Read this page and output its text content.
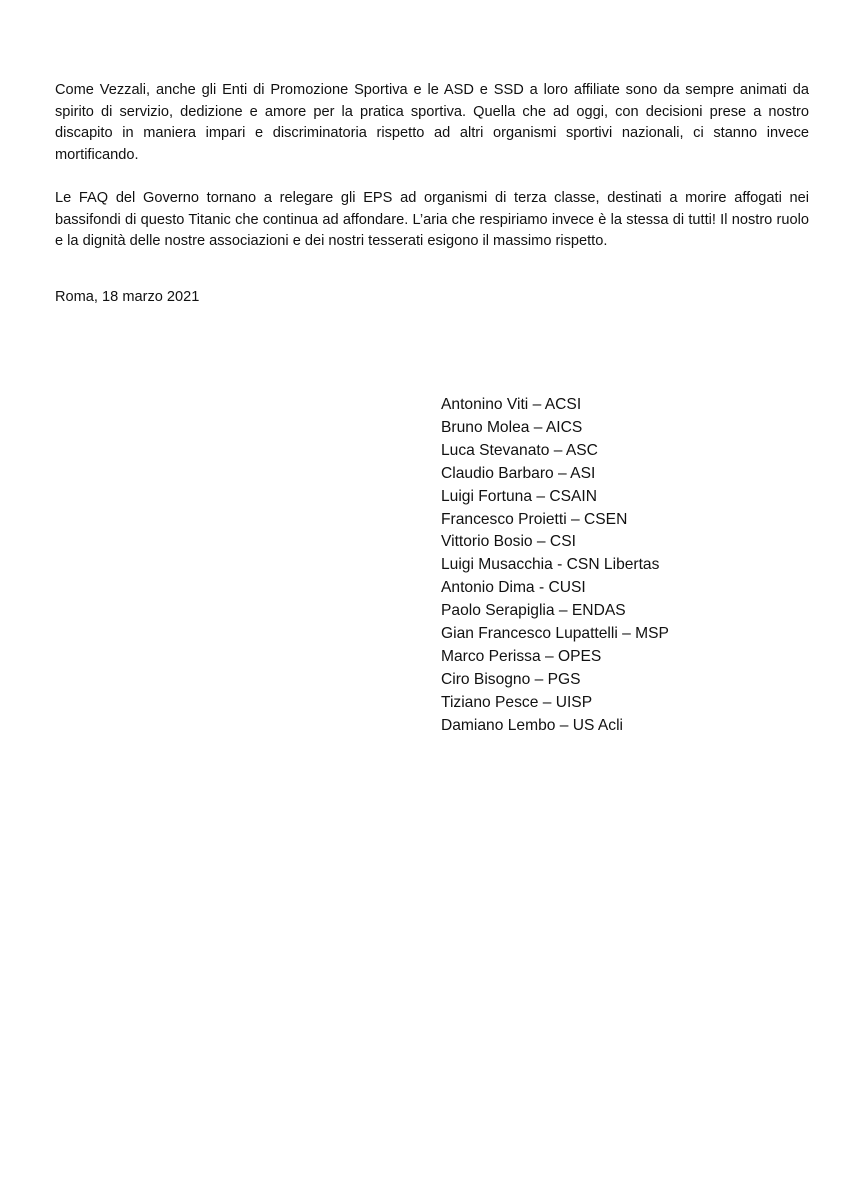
Come Vezzali, anche gli Enti di Promozione Sportiva e le ASD e SSD a loro affiliate sono da sempre animati da spirito di servizio, dedizione e amore per la pratica sportiva. Quella che ad oggi, con decisioni prese a nostro discapito in maniera impari e discriminatoria rispetto ad altri organismi sportivi nazionali, ci stanno invece mortificando.

Le FAQ del Governo tornano a relegare gli EPS ad organismi di terza classe, destinati a morire affogati nei bassifondi di questo Titanic che continua ad affondare. L’aria che respiriamo invece è la stessa di tutti! Il nostro ruolo e la dignità delle nostre associazioni e dei nostri tesserati esigono il massimo rispetto.

Roma, 18 marzo 2021

Antonino Viti – ACSI
Bruno Molea – AICS
Luca Stevanato – ASC
Claudio Barbaro – ASI
Luigi Fortuna – CSAIN
Francesco Proietti – CSEN
Vittorio Bosio – CSI
Luigi Musacchia - CSN Libertas
Antonio Dima - CUSI
Paolo Serapiglia – ENDAS
Gian Francesco Lupattelli – MSP
Marco Perissa – OPES
Ciro Bisogno – PGS
Tiziano Pesce – UISP
Damiano Lembo – US Acli
